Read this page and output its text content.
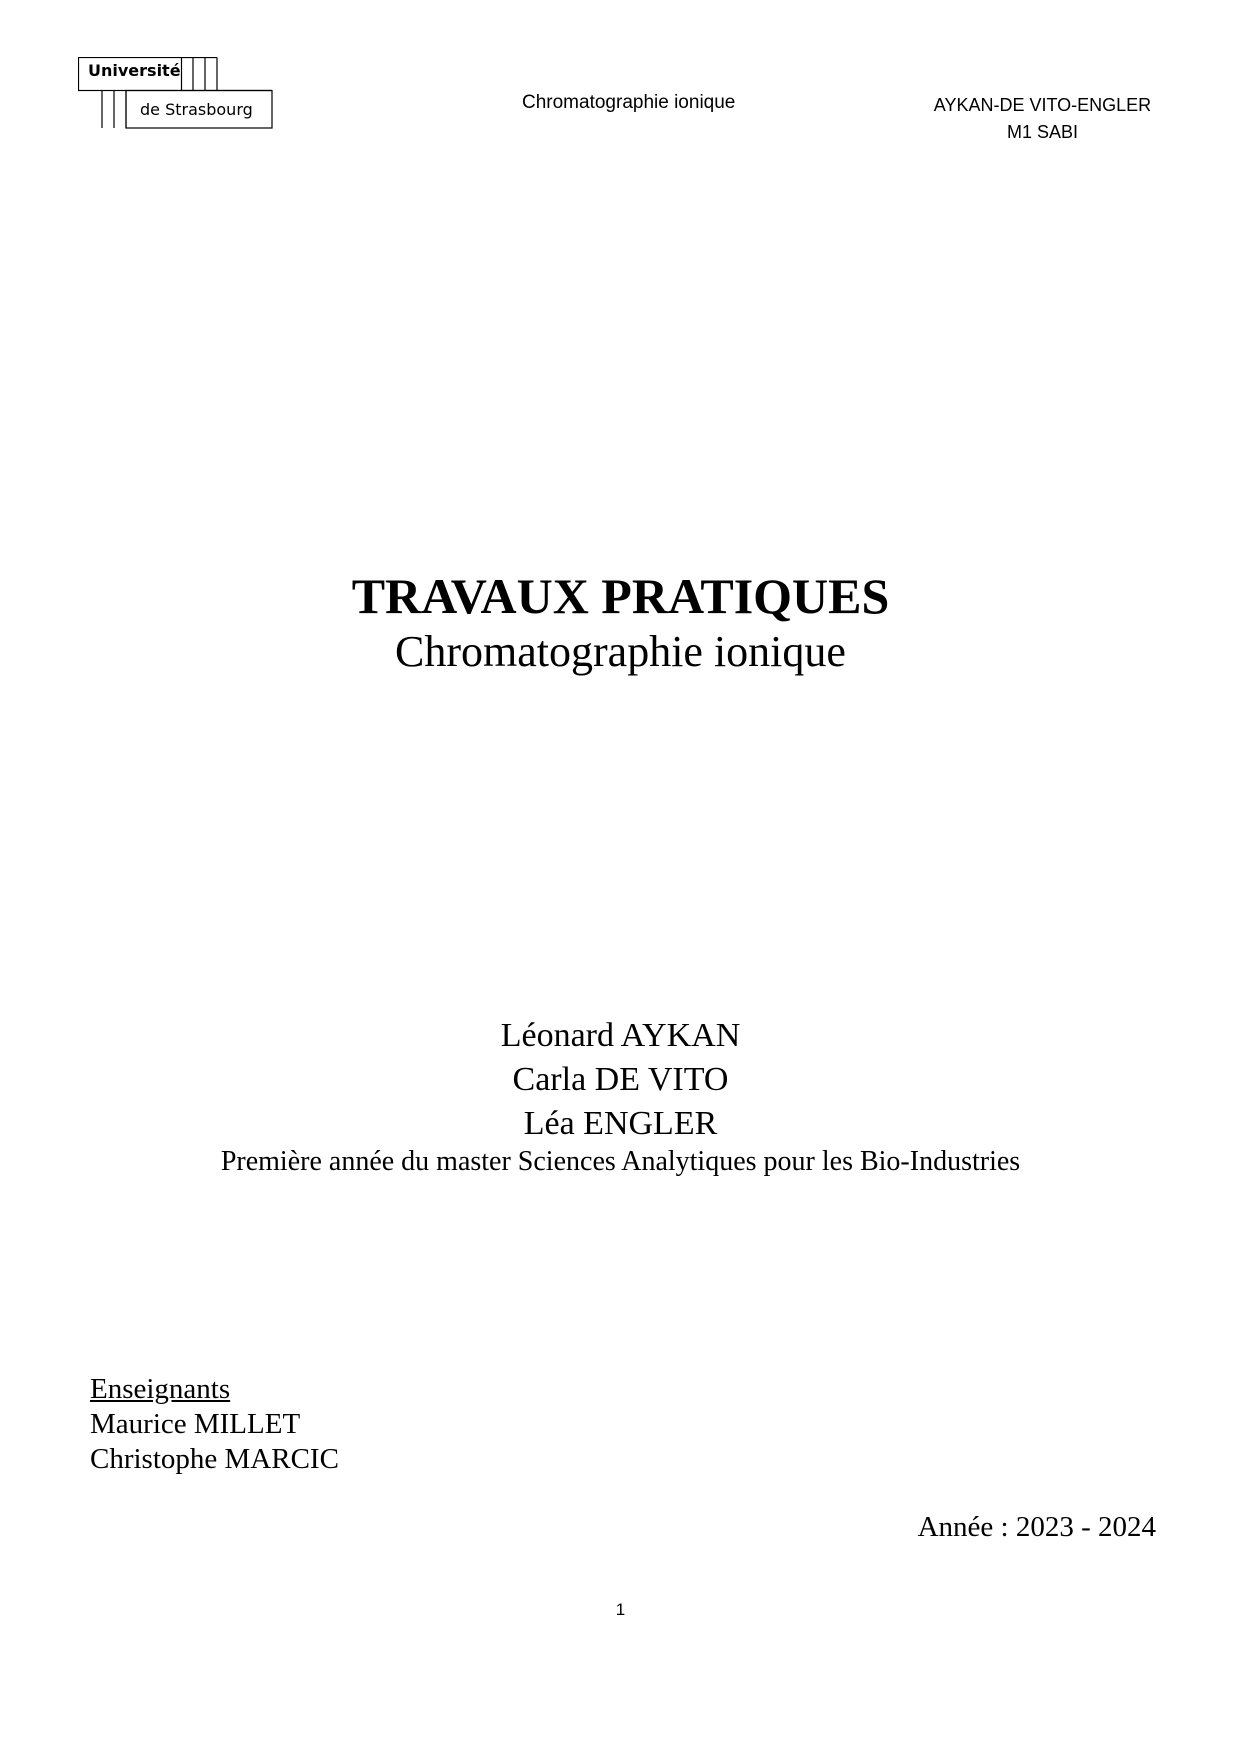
Université
de Strasbourg	Chromatographie ionique	AYKAN-DE VITO-ENGLER
M1 SABI
TRAVAUX PRATIQUES
Chromatographie ionique
Léonard AYKAN
Carla DE VITO
Léa ENGLER
Première année du master Sciences Analytiques pour les Bio-Industries
Enseignants
Maurice MILLET
Christophe MARCIC
Année : 2023 - 2024
1
